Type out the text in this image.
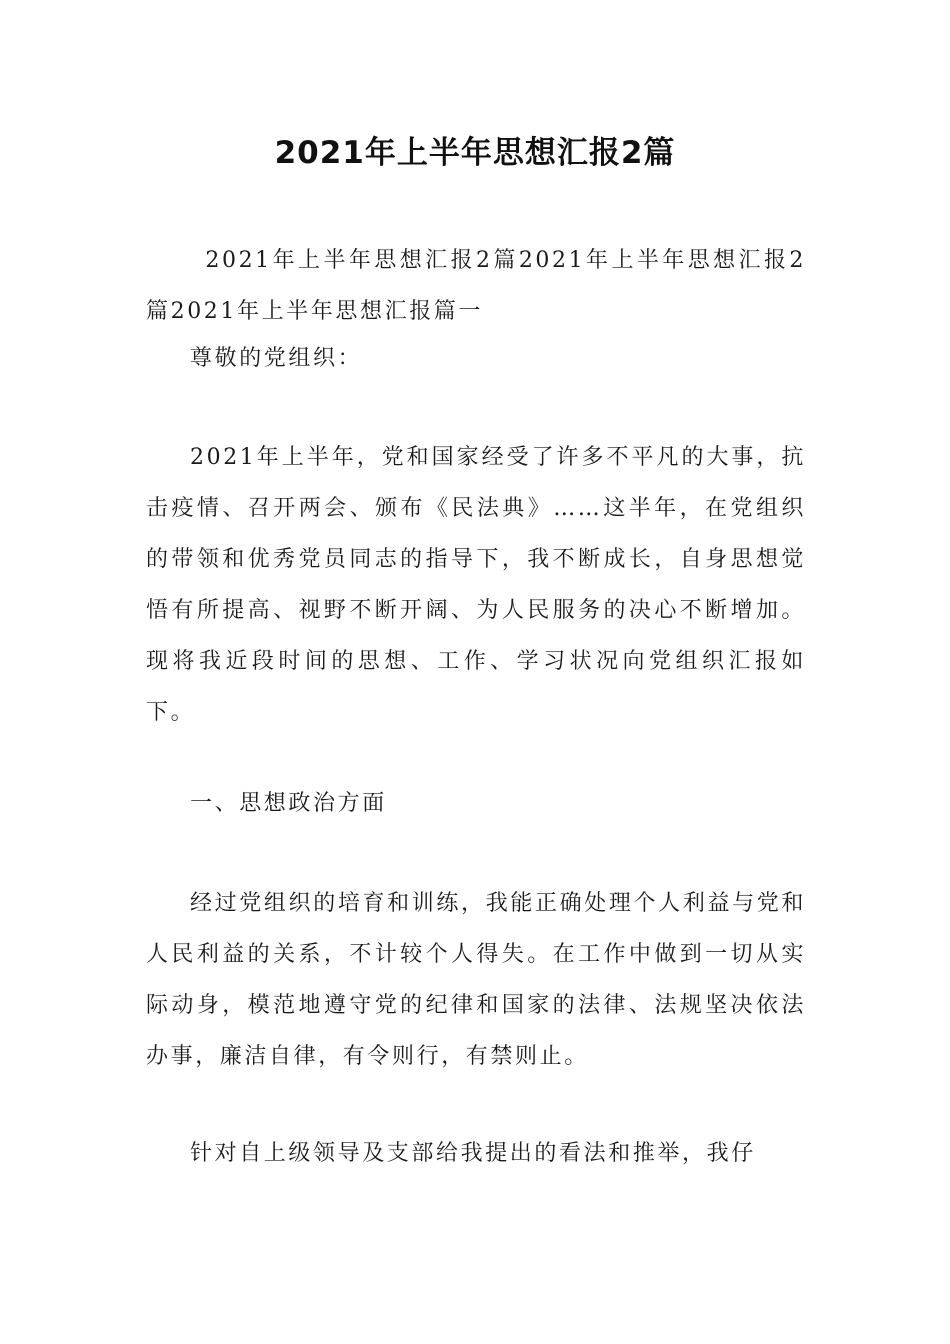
2021年上半年思想汇报2篇

2021年上半年思想汇报2篇2021年上半年思想汇报2篇2021年上半年思想汇报篇一

尊敬的党组织：

2021年上半年，党和国家经受了许多不平凡的大事，抗击疫情、召开两会、颁布《民法典》……这半年，在党组织的带领和优秀党员同志的指导下，我不断成长，自身思想觉悟有所提高、视野不断开阔、为人民服务的决心不断增加。现将我近段时间的思想、工作、学习状况向党组织汇报如下。

一、思想政治方面

经过党组织的培育和训练，我能正确处理个人利益与党和人民利益的关系，不计较个人得失。在工作中做到一切从实际动身，模范地遵守党的纪律和国家的法律、法规坚决依法办事，廉洁自律，有令则行，有禁则止。

针对自上级领导及支部给我提出的看法和推举，我仔
